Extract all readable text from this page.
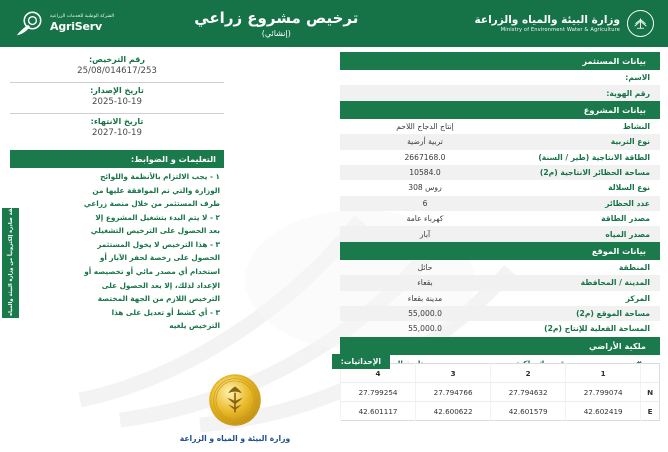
وزارة البيئة والمياه والزراعة
Ministry of Environment Water & Agriculture
ترخيص مشروع زراعي
(إنشائي)
الشركة الوطنية للخدمات الزراعية
AgriServ
رقم الترخيص:
25/08/014617/253
تاريخ الإصدار:
2025-10-19
تاريخ الانتهاء:
2027-10-19
التعليمات و الضوابط:
١ - يجب الالتزام بالأنظمة واللوائح
الوزارة والتي تم الموافقة عليها من
طرف المستثمر من خلال منصة زراعي
٢ - لا يتم البدء بتشغيل المشروع إلا
بعد الحصول على الترخيص التشغيلي
٣ - هذا الترخيص لا يخول المستثمر
الحصول على رخصة لحفر الآبار أو
استخدام أي مصدر مائي أو تخصيصه أو
الإعداد لذلك، إلا بعد الحصول على
الترخيص اللازم من الجهة المختصة
٣ - أي كشط أو تعديل على هذا
الترخيص يلغيه
هذه الوثيقة صادرة إلكترونياً من وزارة البيئة والمياه والزراعة
بيانات المستثمر
الاسم:
رقم الهوية:
بيانات المشروع
النشاط
إنتاج الدجاج اللاحم
نوع التربية
تربية أرضية
الطاقة الانتاجية (طير / السنة)
2667168.0
مساحة الحظائر الانتاجية (م2)
10584.0
نوع السلالة
روس 308
عدد الحظائر
6
مصدر الطاقة
كهرباء عامة
مصدر المياه
آبار
بيانات الموقع
المنطقة
حائل
المدينة / المحافظة
بقعاء
المركز
مدينة بقعاء
مساحة الموقع (م2)
55,000.0
المساحة الفعلية للإنتاج (م2)
55,000.0
ملكية الأراضي

الإحداثيات:
	1	2	3	4
N	27.799074	27.794632	27.794766	27.799254
E	42.602419	42.601579	42.600622	42.601117
وزارة البيئة و المياه و الزراعة
